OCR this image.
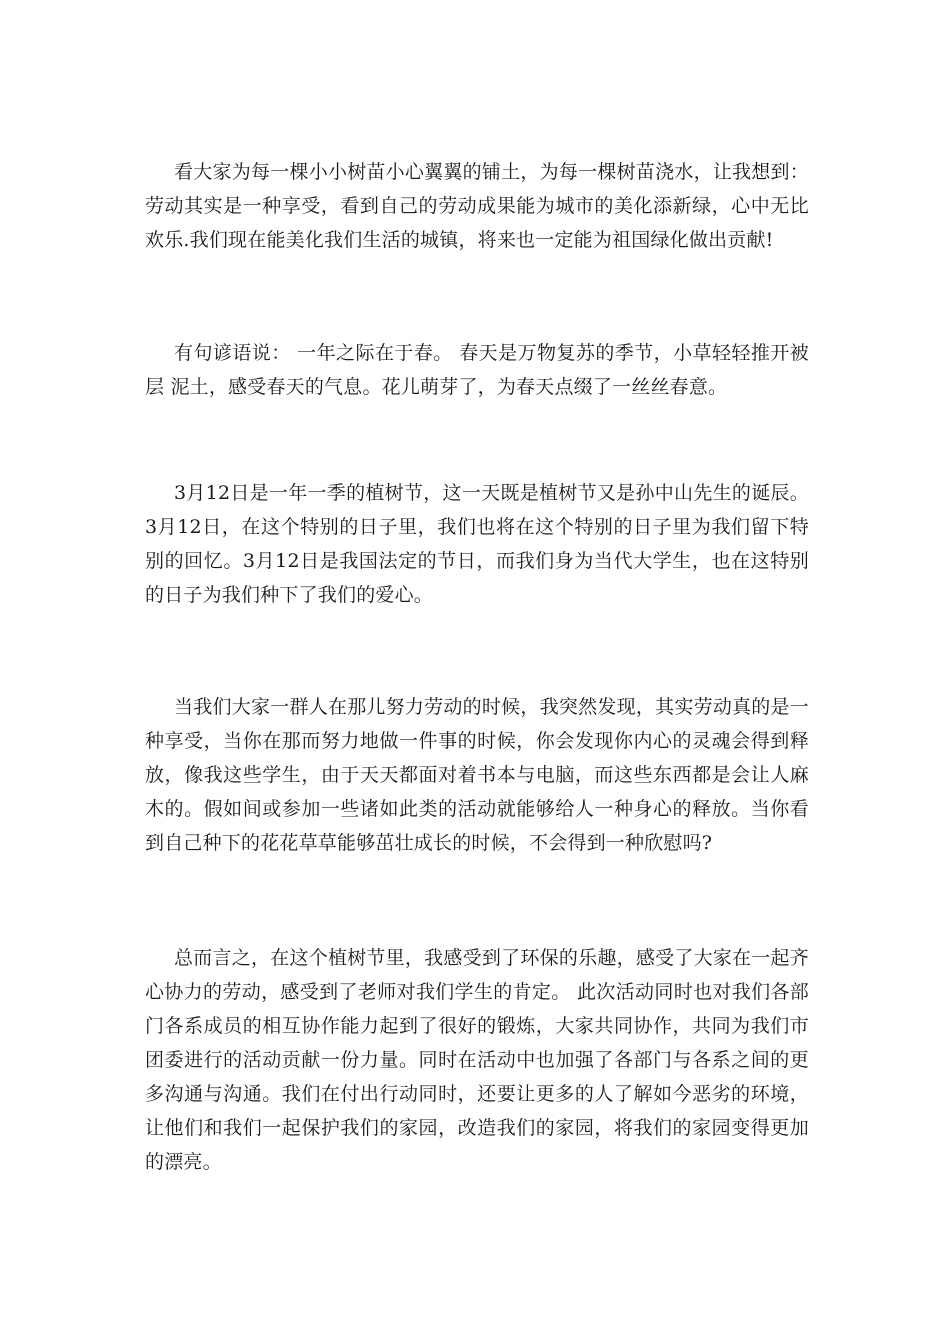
看大家为每一棵小小树苗小心翼翼的铺土，为每一棵树苗浇水，让我想到：劳动其实是一种享受，看到自己的劳动成果能为城市的美化添新绿，心中无比欢乐.我们现在能美化我们生活的城镇，将来也一定能为祖国绿化做出贡献!

有句谚语说： 一年之际在于春。 春天是万物复苏的季节，小草轻轻推开被层 泥土，感受春天的气息。花儿萌芽了，为春天点缀了一丝丝春意。

3月12日是一年一季的植树节，这一天既是植树节又是孙中山先生的诞辰。3月12日，在这个特别的日子里，我们也将在这个特别的日子里为我们留下特别的回忆。3月12日是我国法定的节日，而我们身为当代大学生，也在这特别的日子为我们种下了我们的爱心。

当我们大家一群人在那儿努力劳动的时候，我突然发现，其实劳动真的是一种享受，当你在那而努力地做一件事的时候，你会发现你内心的灵魂会得到释放，像我这些学生，由于天天都面对着书本与电脑，而这些东西都是会让人麻木的。假如间或参加一些诸如此类的活动就能够给人一种身心的释放。当你看到自己种下的花花草草能够茁壮成长的时候，不会得到一种欣慰吗?

总而言之，在这个植树节里，我感受到了环保的乐趣，感受了大家在一起齐心协力的劳动，感受到了老师对我们学生的肯定。 此次活动同时也对我们各部门各系成员的相互协作能力起到了很好的锻炼，大家共同协作，共同为我们市团委进行的活动贡献一份力量。同时在活动中也加强了各部门与各系之间的更多沟通与沟通。我们在付出行动同时，还要让更多的人了解如今恶劣的环境，让他们和我们一起保护我们的家园，改造我们的家园，将我们的家园变得更加的漂亮。
